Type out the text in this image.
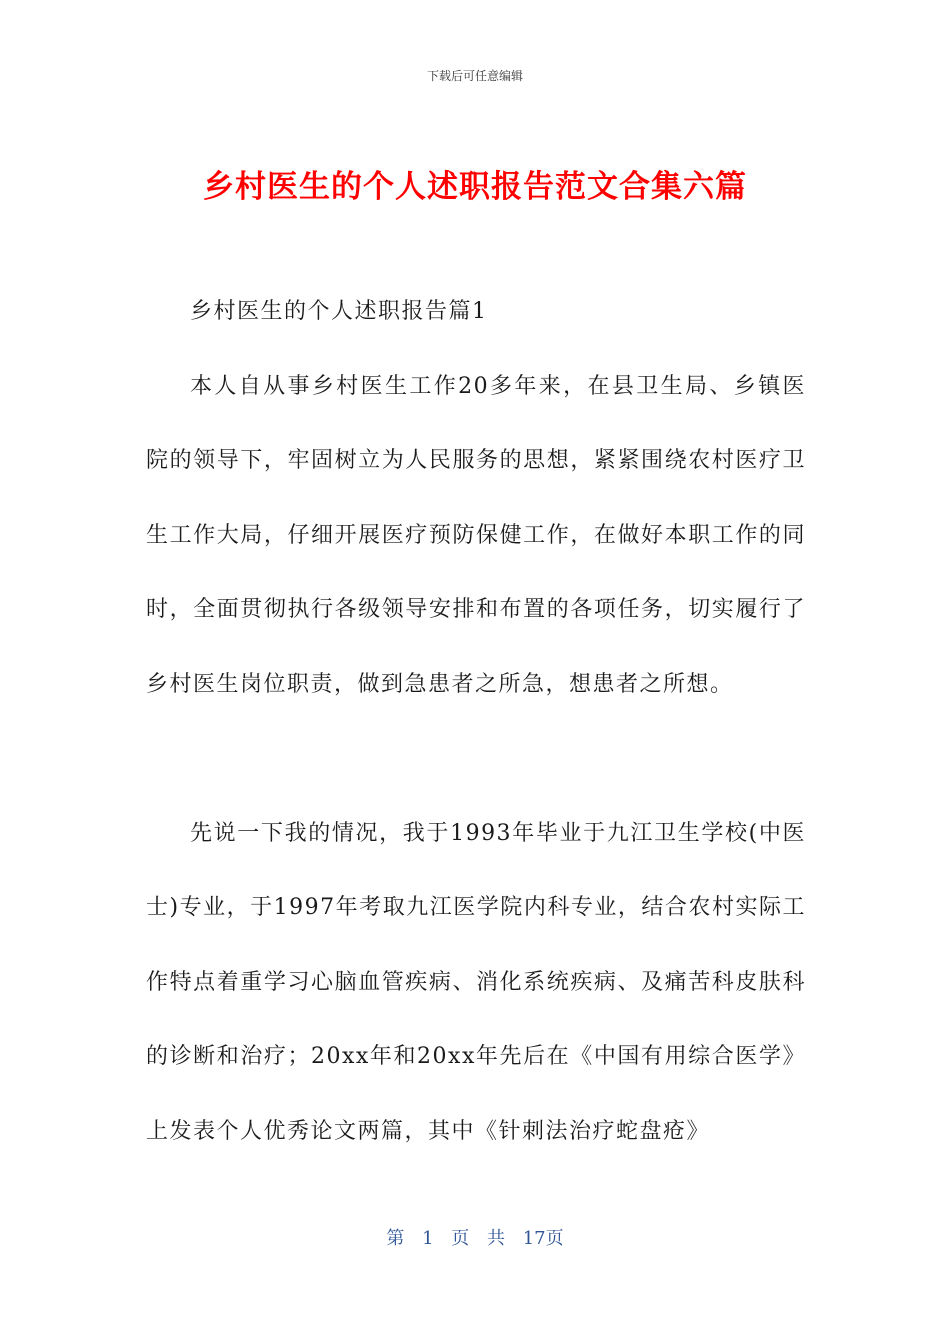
下载后可任意编辑
乡村医生的个人述职报告范文合集六篇

乡村医生的个人述职报告篇1

本人自从事乡村医生工作20多年来，在县卫生局、乡镇医院的领导下，牢固树立为人民服务的思想，紧紧围绕农村医疗卫生工作大局，仔细开展医疗预防保健工作，在做好本职工作的同时，全面贯彻执行各级领导安排和布置的各项任务，切实履行了乡村医生岗位职责，做到急患者之所急，想患者之所想。

先说一下我的情况，我于1993年毕业于九江卫生学校(中医士)专业，于1997年考取九江医学院内科专业，结合农村实际工作特点着重学习心脑血管疾病、消化系统疾病、及痛苦科皮肤科的诊断和治疗；20xx年和20xx年先后在《中国有用综合医学》上发表个人优秀论文两篇，其中《针刺法治疗蛇盘疮》

第 1 页 共 17页
